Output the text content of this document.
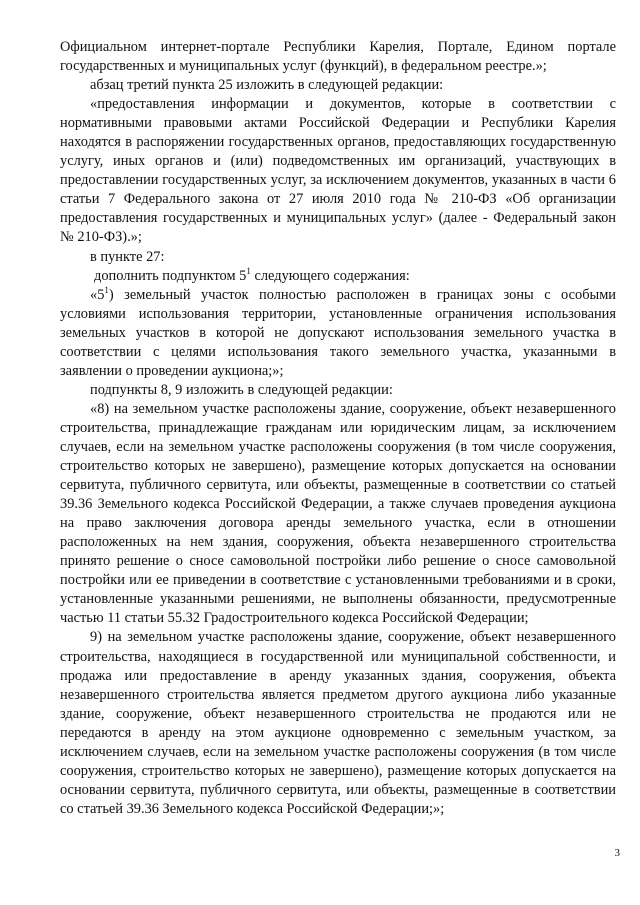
Официальном интернет-портале Республики Карелия, Портале, Едином портале государственных и муниципальных услуг (функций), в федеральном реестре.»;

абзац третий пункта 25 изложить в следующей редакции:

«предоставления информации и документов, которые в соответствии с нормативными правовыми актами Российской Федерации и Республики Карелия находятся в распоряжении государственных органов, предоставляющих государственную услугу, иных органов и (или) подведомственных им организаций, участвующих в предоставлении государственных услуг, за исключением документов, указанных в части 6 статьи 7 Федерального закона от 27 июля 2010 года № 210-ФЗ «Об организации предоставления государственных и муниципальных услуг» (далее - Федеральный закон № 210-ФЗ).»;

в пункте 27:

дополнить подпунктом $5^1$ следующего содержания:

«$5^1$) земельный участок полностью расположен в границах зоны с особыми условиями использования территории, установленные ограничения использования земельных участков в которой не допускают использования земельного участка в соответствии с целями использования такого земельного участка, указанными в заявлении о проведении аукциона;»;

подпункты 8, 9 изложить в следующей редакции:

«8) на земельном участке расположены здание, сооружение, объект незавершенного строительства, принадлежащие гражданам или юридическим лицам, за исключением случаев, если на земельном участке расположены сооружения (в том числе сооружения, строительство которых не завершено), размещение которых допускается на основании сервитута, публичного сервитута, или объекты, размещенные в соответствии со статьей 39.36 Земельного кодекса Российской Федерации, а также случаев проведения аукциона на право заключения договора аренды земельного участка, если в отношении расположенных на нем здания, сооружения, объекта незавершенного строительства принято решение о сносе самовольной постройки либо решение о сносе самовольной постройки или ее приведении в соответствие с установленными требованиями и в сроки, установленные указанными решениями, не выполнены обязанности, предусмотренные частью 11 статьи 55.32 Градостроительного кодекса Российской Федерации;

9) на земельном участке расположены здание, сооружение, объект незавершенного строительства, находящиеся в государственной или муниципальной собственности, и продажа или предоставление в аренду указанных здания, сооружения, объекта незавершенного строительства является предметом другого аукциона либо указанные здание, сооружение, объект незавершенного строительства не продаются или не передаются в аренду на этом аукционе одновременно с земельным участком, за исключением случаев, если на земельном участке расположены сооружения (в том числе сооружения, строительство которых не завершено), размещение которых допускается на основании сервитута, публичного сервитута, или объекты, размещенные в соответствии со статьей 39.36 Земельного кодекса Российской Федерации;»;

3
